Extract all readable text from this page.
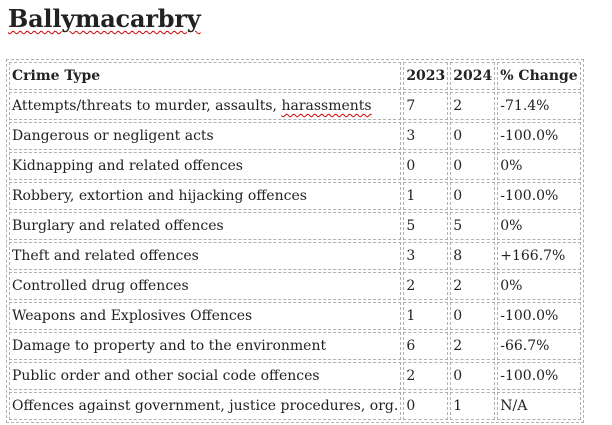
Ballymacarbry
Crime Type	2023	2024	% Change
Attempts/threats to murder, assaults, harassments	7	2	-71.4%
Dangerous or negligent acts	3	0	-100.0%
Kidnapping and related offences	0	0	0%
Robbery, extortion and hijacking offences	1	0	-100.0%
Burglary and related offences	5	5	0%
Theft and related offences	3	8	+166.7%
Controlled drug offences	2	2	0%
Weapons and Explosives Offences	1	0	-100.0%
Damage to property and to the environment	6	2	-66.7%
Public order and other social code offences	2	0	-100.0%
Offences against government, justice procedures, org.	0	1	N/A
